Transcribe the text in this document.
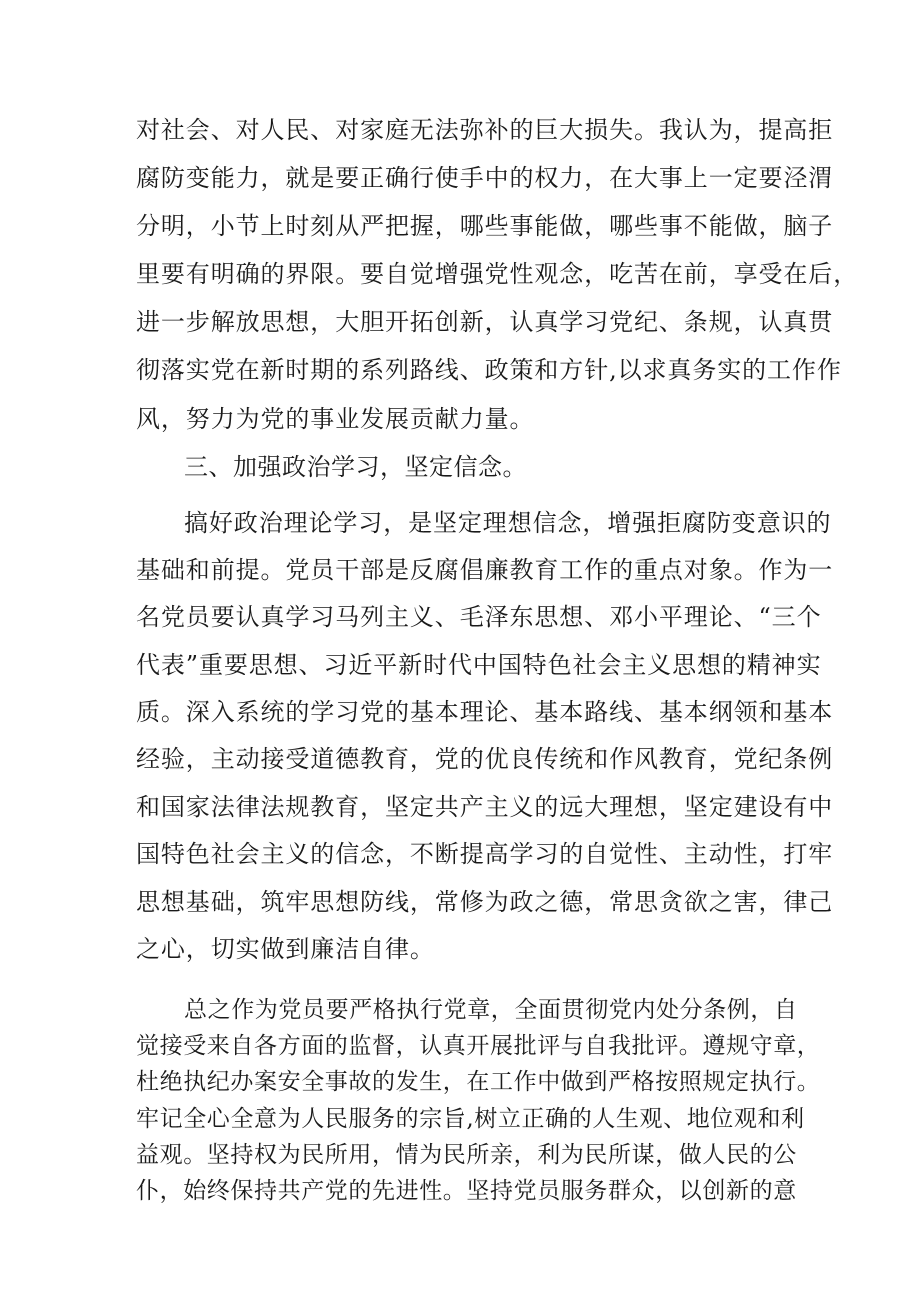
对社会、对人民、对家庭无法弥补的巨大损失。我认为，提高拒
腐防变能力，就是要正确行使手中的权力，在大事上一定要泾渭
分明，小节上时刻从严把握，哪些事能做，哪些事不能做，脑子
里要有明确的界限。要自觉增强党性观念，吃苦在前，享受在后，
进一步解放思想，大胆开拓创新，认真学习党纪、条规，认真贯
彻落实党在新时期的系列路线、政策和方针,以求真务实的工作作
风，努力为党的事业发展贡献力量。
三、加强政治学习，坚定信念。
搞好政治理论学习，是坚定理想信念，增强拒腐防变意识的
基础和前提。党员干部是反腐倡廉教育工作的重点对象。作为一
名党员要认真学习马列主义、毛泽东思想、邓小平理论、“三个
代表”重要思想、习近平新时代中国特色社会主义思想的精神实
质。深入系统的学习党的基本理论、基本路线、基本纲领和基本
经验，主动接受道德教育，党的优良传统和作风教育，党纪条例
和国家法律法规教育，坚定共产主义的远大理想，坚定建设有中
国特色社会主义的信念，不断提高学习的自觉性、主动性，打牢
思想基础，筑牢思想防线，常修为政之德，常思贪欲之害，律己
之心，切实做到廉洁自律。
总之作为党员要严格执行党章，全面贯彻党内处分条例，自
觉接受来自各方面的监督，认真开展批评与自我批评。遵规守章，
杜绝执纪办案安全事故的发生，在工作中做到严格按照规定执行。
牢记全心全意为人民服务的宗旨,树立正确的人生观、地位观和利
益观。坚持权为民所用，情为民所亲，利为民所谋，做人民的公
仆，始终保持共产党的先进性。坚持党员服务群众，以创新的意
